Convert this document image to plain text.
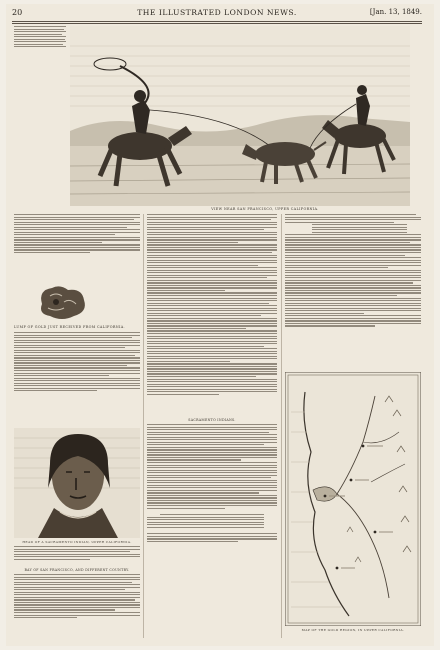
20	THE ILLUSTRATED LONDON NEWS.	[Jan. 13, 1849.
VIEW NEAR SAN FRANCISCO, UPPER CALIFORNIA.
LUMP OF GOLD JUST RECEIVED FROM CALIFORNIA.
HEAD OF A SACRAMENTO INDIAN, UPPER CALIFORNIA.
BAY OF SAN FRANCISCO, AND DIFFERENT COUNTRY.
SACRAMENTO INDIANS.
MAP OF THE GOLD REGION, IN UPPER CALIFORNIA.
